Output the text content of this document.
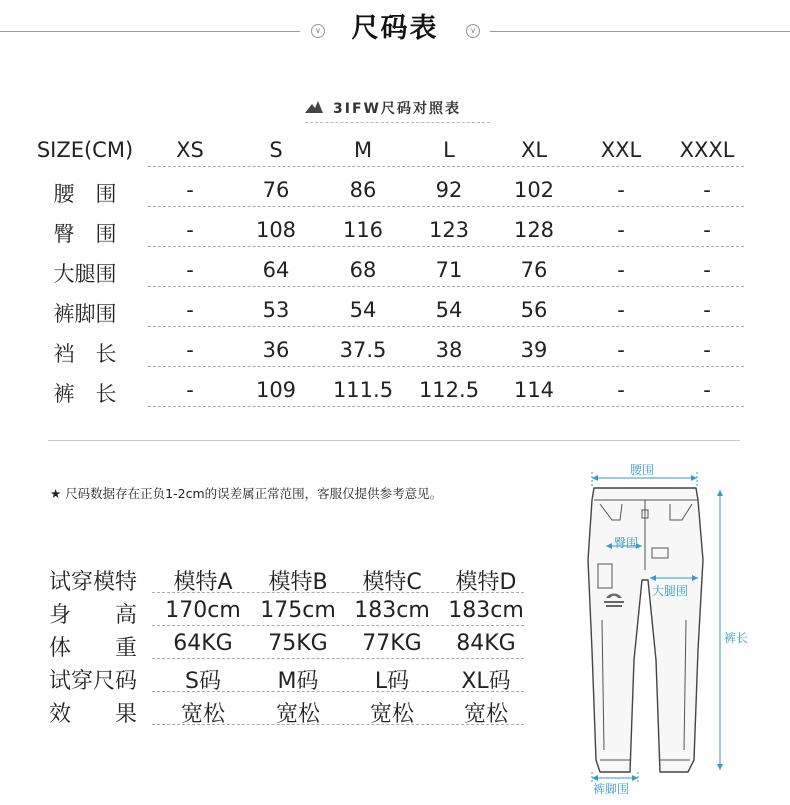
∨	尺码表	∨
3IFW尺码对照表
SIZE(CM)	XS	S	M	L	XL	XXL	XXXL
腰　围	-	76	86	92	102	-	-
臀　围	-	108	116	123	128	-	-
大腿围	-	64	68	71	76	-	-
裤脚围	-	53	54	54	56	-	-
裆　长	-	36	37.5	38	39	-	-
裤　长	-	109	111.5	112.5	114	-	-
★ 尺码数据存在正负1-2cm的误差属正常范围，客服仅提供参考意见。
试穿模特	模特A	模特B	模特C	模特D
身　　高	170cm 175cm 183cm 183cm
体　　重	64KG	75KG	77KG	84KG
试穿尺码	S码	M码	L码	XL码
效　　果	宽松	宽松	宽松	宽松
腰围
臀围
大腿围
裤长
裤脚围
